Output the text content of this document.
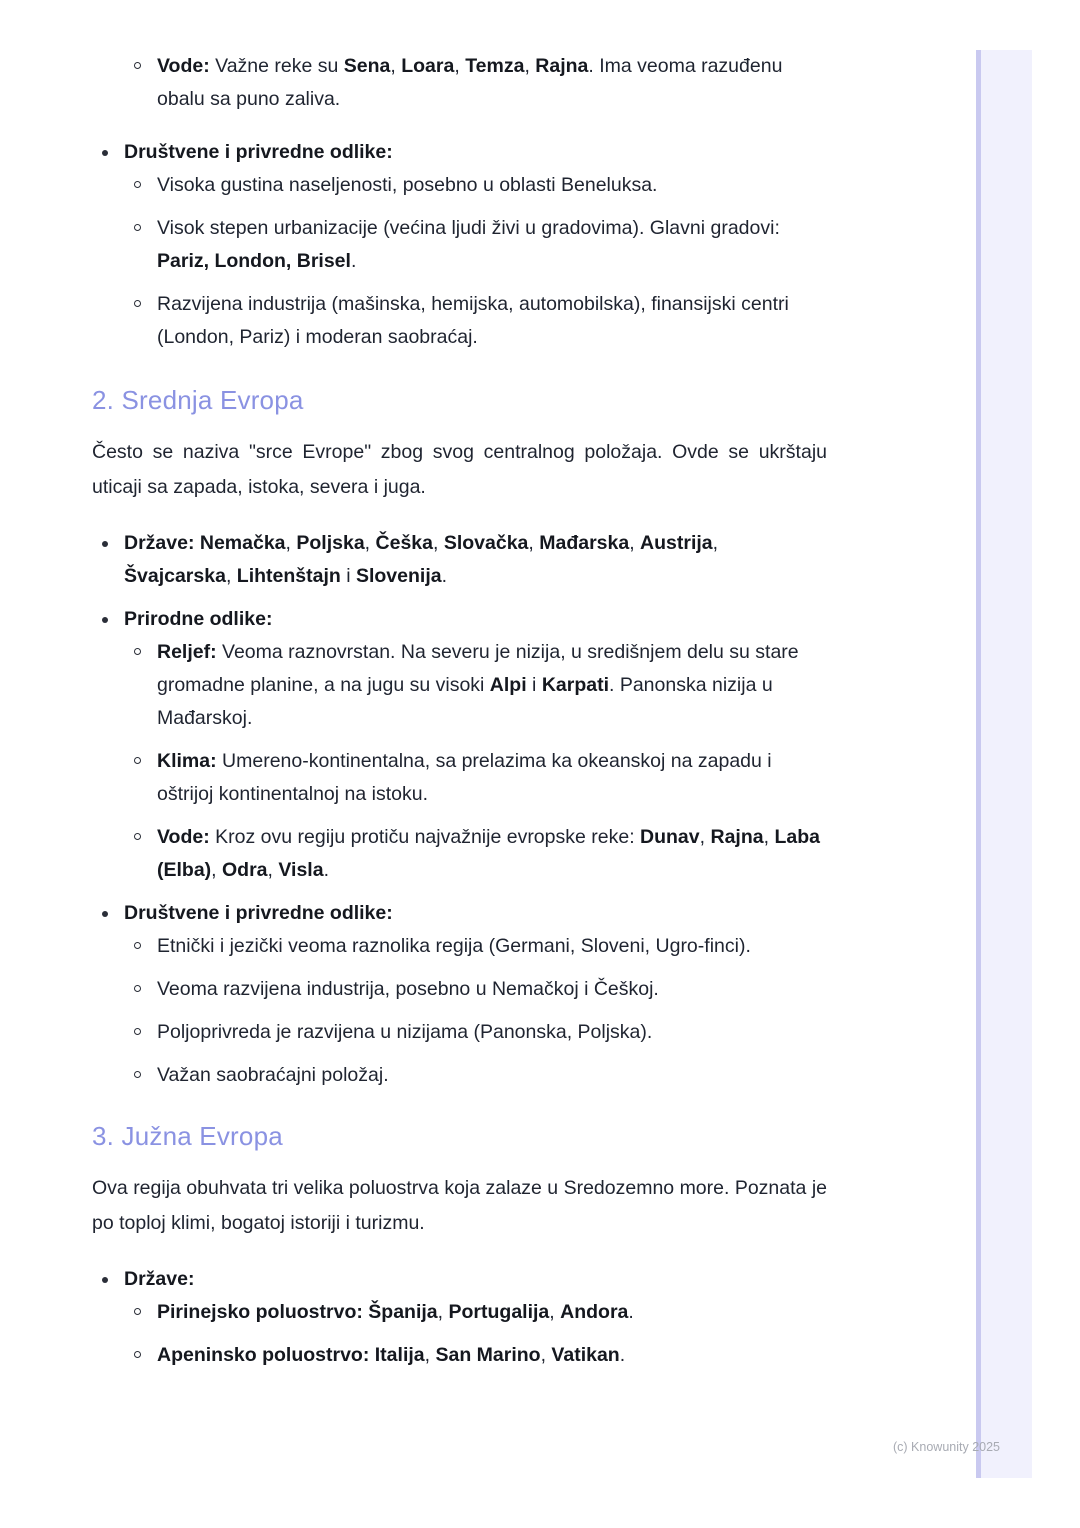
Vode: Važne reke su Sena, Loara, Temza, Rajna. Ima veoma razuđenu obalu sa puno zaliva.
Društvene i privredne odlike:
Visoka gustina naseljenosti, posebno u oblasti Beneluksa.
Visok stepen urbanizacije (većina ljudi živi u gradovima). Glavni gradovi: Pariz, London, Brisel.
Razvijena industrija (mašinska, hemijska, automobilska), finansijski centri (London, Pariz) i moderan saobraćaj.
2. Srednja Evropa

Često se naziva "srce Evrope" zbog svog centralnog položaja. Ovde se ukrštaju uticaji sa zapada, istoka, severa i juga.

Države: Nemačka, Poljska, Češka, Slovačka, Mađarska, Austrija, Švajcarska, Lihtenštajn i Slovenija.
Prirodne odlike:
Reljef: Veoma raznovrstan. Na severu je nizija, u središnjem delu su stare gromadne planine, a na jugu su visoki Alpi i Karpati. Panonska nizija u Mađarskoj.
Klima: Umereno-kontinentalna, sa prelazima ka okeanskoj na zapadu i oštrijoj kontinentalnoj na istoku.
Vode: Kroz ovu regiju protiču najvažnije evropske reke: Dunav, Rajna, Laba (Elba), Odra, Visla.
Društvene i privredne odlike:
Etnički i jezički veoma raznolika regija (Germani, Sloveni, Ugro-finci).
Veoma razvijena industrija, posebno u Nemačkoj i Češkoj.
Poljoprivreda je razvijena u nizijama (Panonska, Poljska).
Važan saobraćajni položaj.
3. Južna Evropa

Ova regija obuhvata tri velika poluostrva koja zalaze u Sredozemno more. Poznata je po toploj klimi, bogatoj istoriji i turizmu.

Države:
Pirinejsko poluostrvo: Španija, Portugalija, Andora.
Apeninsko poluostrvo: Italija, San Marino, Vatikan.
(c) Knowunity 2025
